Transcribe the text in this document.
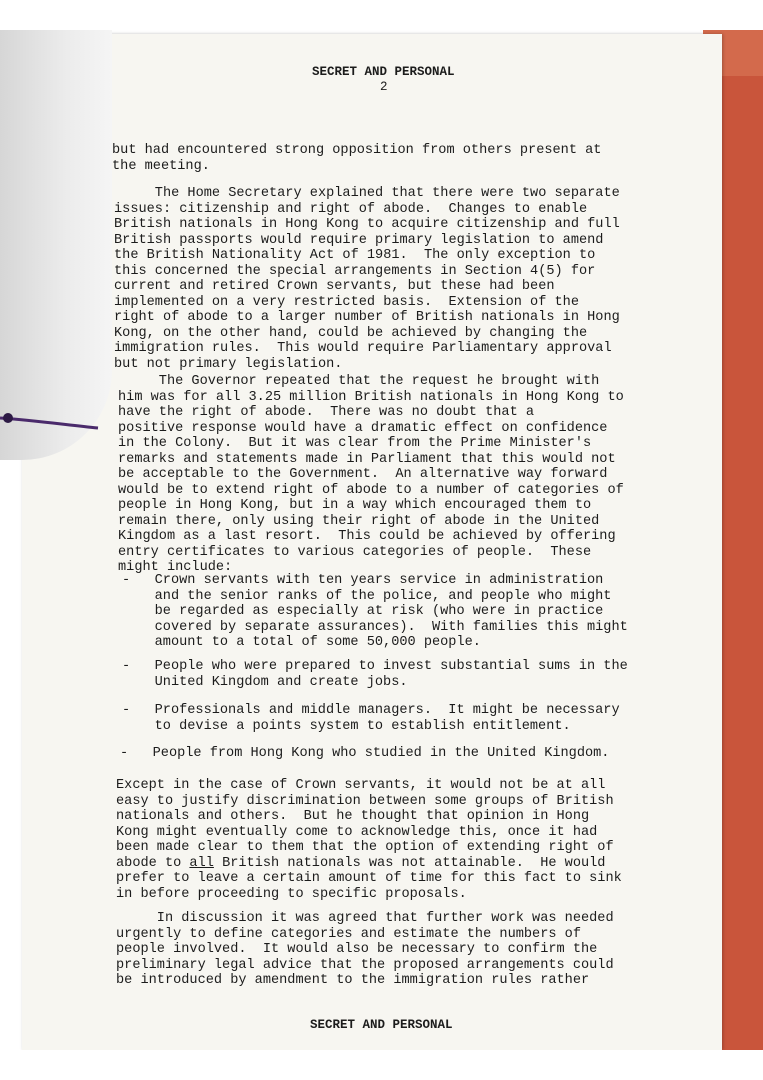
SECRET AND PERSONAL
2
but had encountered strong opposition from others present at
the meeting.
The Home Secretary explained that there were two separate
issues: citizenship and right of abode.  Changes to enable
British nationals in Hong Kong to acquire citizenship and full
British passports would require primary legislation to amend
the British Nationality Act of 1981.  The only exception to
this concerned the special arrangements in Section 4(5) for
current and retired Crown servants, but these had been
implemented on a very restricted basis.  Extension of the
right of abode to a larger number of British nationals in Hong
Kong, on the other hand, could be achieved by changing the
immigration rules.  This would require Parliamentary approval
but not primary legislation.
The Governor repeated that the request he brought with
him was for all 3.25 million British nationals in Hong Kong to
have the right of abode.  There was no doubt that a
positive response would have a dramatic effect on confidence
in the Colony.  But it was clear from the Prime Minister's
remarks and statements made in Parliament that this would not
be acceptable to the Government.  An alternative way forward
would be to extend right of abode to a number of categories of
people in Hong Kong, but in a way which encouraged them to
remain there, only using their right of abode in the United
Kingdom as a last resort.  This could be achieved by offering
entry certificates to various categories of people.  These
might include:
-   Crown servants with ten years service in administration
and the senior ranks of the police, and people who might
be regarded as especially at risk (who were in practice
covered by separate assurances).  With families this might
amount to a total of some 50,000 people.
-   People who were prepared to invest substantial sums in the
United Kingdom and create jobs.
-   Professionals and middle managers.  It might be necessary
to devise a points system to establish entitlement.
-   People from Hong Kong who studied in the United Kingdom.
Except in the case of Crown servants, it would not be at all
easy to justify discrimination between some groups of British
nationals and others.  But he thought that opinion in Hong
Kong might eventually come to acknowledge this, once it had
been made clear to them that the option of extending right of
abode to all British nationals was not attainable.  He would
prefer to leave a certain amount of time for this fact to sink
in before proceeding to specific proposals.
In discussion it was agreed that further work was needed
urgently to define categories and estimate the numbers of
people involved.  It would also be necessary to confirm the
preliminary legal advice that the proposed arrangements could
be introduced by amendment to the immigration rules rather
SECRET AND PERSONAL
